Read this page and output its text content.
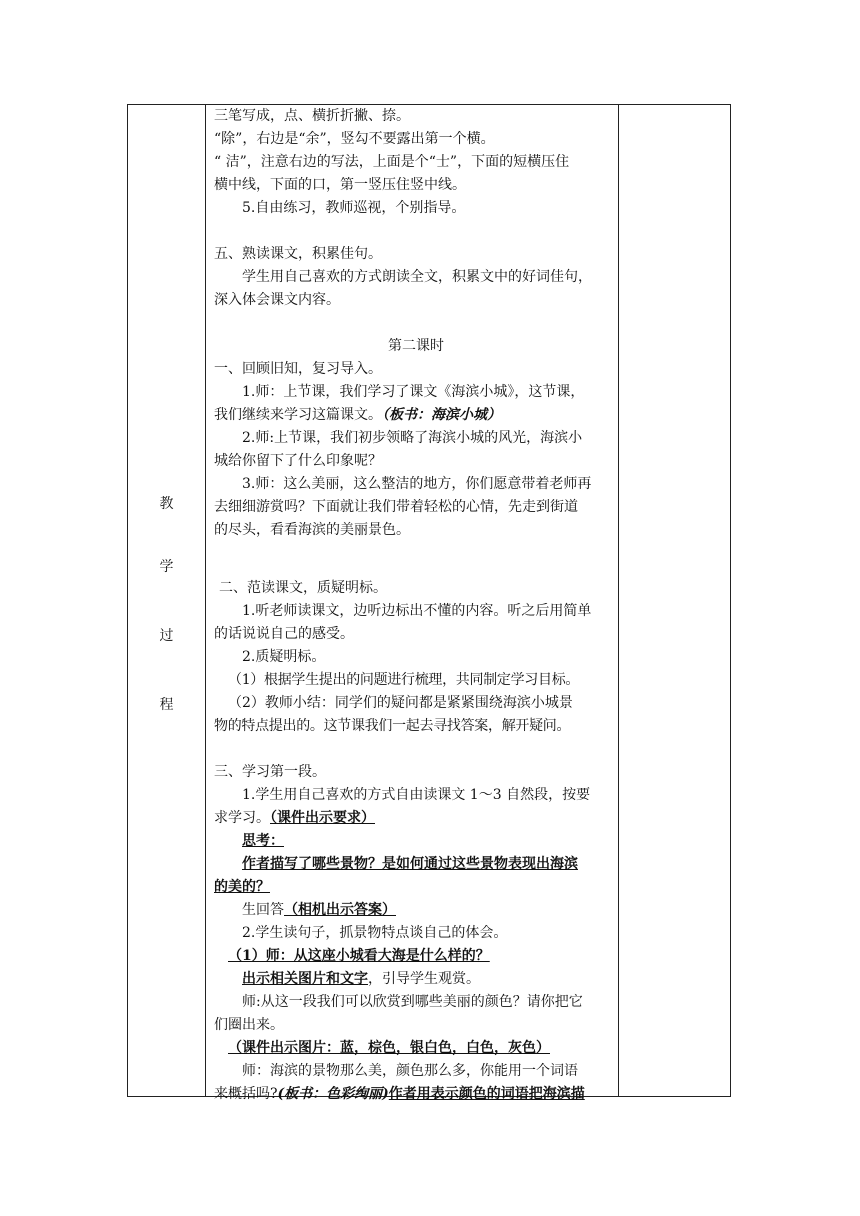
教
学
过
程
三笔写成，点、横折折撇、捺。
“除”，右边是“余”，竖勾不要露出第一个横。
“ 洁”，注意右边的写法，上面是个“士”，下面的短横压住
横中线，下面的口，第一竖压住竖中线。
5.自由练习，教师巡视，个别指导。
五、熟读课文，积累佳句。
学生用自己喜欢的方式朗读全文，积累文中的好词佳句，
深入体会课文内容。
第二课时
一、回顾旧知，复习导入。
1.师：上节课，我们学习了课文《海滨小城》，这节课，
我们继续来学习这篇课文。（板书：海滨小城）
2.师:上节课，我们初步领略了海滨小城的风光，海滨小
城给你留下了什么印象呢？
3.师：这么美丽，这么整洁的地方，你们愿意带着老师再
去细细游赏吗？下面就让我们带着轻松的心情，先走到街道
的尽头，看看海滨的美丽景色。
二、范读课文，质疑明标。
1.听老师读课文，边听边标出不懂的内容。听之后用简单
的话说说自己的感受。
2.质疑明标。
（1）根据学生提出的问题进行梳理，共同制定学习目标。
（2）教师小结：同学们的疑问都是紧紧围绕海滨小城景
物的特点提出的。这节课我们一起去寻找答案，解开疑问。
三、学习第一段。
1.学生用自己喜欢的方式自由读课文 1～3 自然段，按要
求学习。（课件出示要求）
思考：
作者描写了哪些景物？是如何通过这些景物表现出海滨
的美的？
生回答（相机出示答案）
2.学生读句子，抓景物特点谈自己的体会。
（1）师：从这座小城看大海是什么样的？
出示相关图片和文字，引导学生观赏。
师:从这一段我们可以欣赏到哪些美丽的颜色？请你把它
们圈出来。
（课件出示图片：蓝，棕色，银白色，白色，灰色）
师：海滨的景物那么美，颜色那么多，你能用一个词语
来概括吗?(板书：色彩绚丽)作者用表示颜色的词语把海滨描
